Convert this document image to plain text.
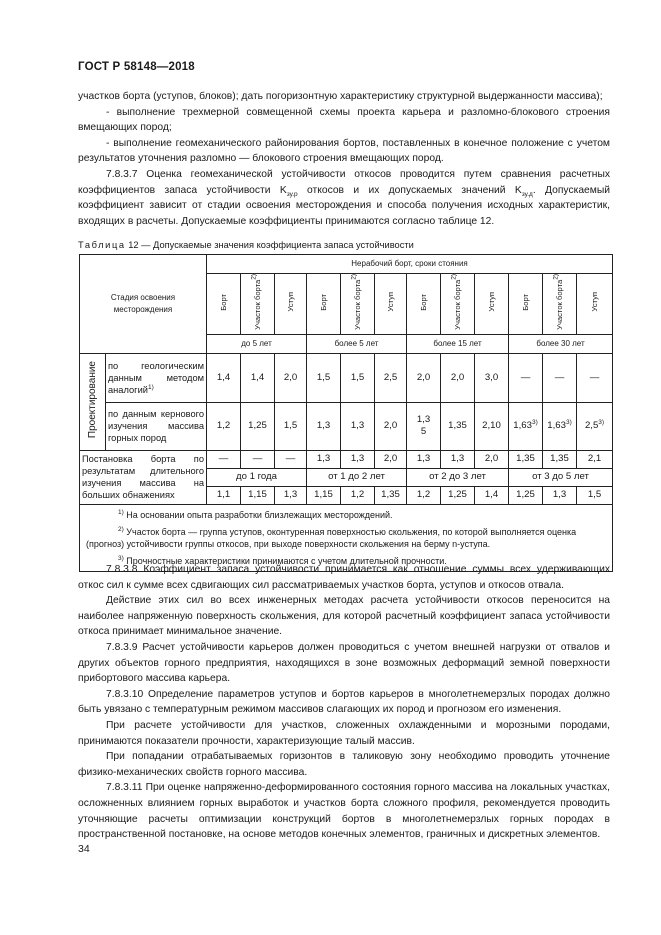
ГОСТ Р 58148—2018

участков борта (уступов, блоков); дать погоризонтную характеристику структурной выдержанности массива);

- выполнение трехмерной совмещенной схемы проекта карьера и разломно-блокового строения вмещающих пород;

- выполнение геомеханического районирования бортов, поставленных в конечное положение с учетом результатов уточнения разломно — блокового строения вмещающих пород.

7.8.3.7 Оценка геомеханической устойчивости откосов проводится путем сравнения расчетных коэффициентов запаса устойчивости $K_{зу.р}$ откосов и их допускаемых значений $K_{зу.д}$. Допускаемый коэффициент зависит от стадии освоения месторождения и способа получения исходных характеристик, входящих в расчеты. Допускаемые коэффициенты принимаются согласно таблице 12.

Таблица 12 — Допускаемые значения коэффициента запаса устойчивости
Стадия освоения месторождения		Нерабочий борт, сроки стояния											
		Борт	Участок борта$^{2)}$	Уступ	Борт	Участок борта$^{2)}$	Уступ	Борт	Участок борта$^{2)}$	Уступ	Борт	Участок борта$^{2)}$	Уступ
		до 5 лет			более 5 лет			более 15 лет			более 30 лет		
Проектирование	по геологическим данным методом аналогий$^{1)}$	1,4	1,4	2,0	1,5	1,5	2,5	2,0	2,0	3,0	—	—	—
	по данным кернового изучения массива горных пород	1,2	1,25	1,5	1,3	1,3	2,0	1,3 5	1,35	2,10	1,63$^{3)}$	1,63$^{3)}$	2,5$^{3)}$
Постановка борта по результатам длительного изучения массива на больших обнажениях		—	—	—	1,3	1,3	2,0	1,3	1,3	2,0	1,35	1,35	2,1
		до 1 года			от 1 до 2 лет			от 2 до 3 лет			от 3 до 5 лет		
		1,1	1,15	1,3	1,15	1,2	1,35	1,2	1,25	1,4	1,25	1,3	1,5

$^{1)}$ На основании опыта разработки близлежащих месторождений.

$^{2)}$ Участок борта — группа уступов, оконтуренная поверхностью скольжения, по которой выполняется оценка (прогноз) устойчивости группы откосов, при выходе поверхности скольжения на берму n-уступа.

$^{3)}$ Прочностные характеристики принимаются с учетом длительной прочности.													

7.8.3.8 Коэффициент запаса устойчивости принимается как отношение суммы всех удерживающих откос сил к сумме всех сдвигающих сил рассматриваемых участков борта, уступов и откосов отвала.

Действие этих сил во всех инженерных методах расчета устойчивости откосов переносится на наиболее напряженную поверхность скольжения, для которой расчетный коэффициент запаса устойчивости откоса принимает минимальное значение.

7.8.3.9 Расчет устойчивости карьеров должен проводиться с учетом внешней нагрузки от отвалов и других объектов горного предприятия, находящихся в зоне возможных деформаций земной поверхности прибортового массива карьера.

7.8.3.10 Определение параметров уступов и бортов карьеров в многолетнемерзлых породах должно быть увязано с температурным режимом массивов слагающих их пород и прогнозом его изменения.

При расчете устойчивости для участков, сложенных охлажденными и морозными породами, принимаются показатели прочности, характеризующие талый массив.

При попадании отрабатываемых горизонтов в таликовую зону необходимо проводить уточнение физико-механических свойств горного массива.

7.8.3.11 При оценке напряженно-деформированного состояния горного массива на локальных участках, осложненных влиянием горных выработок и участков борта сложного профиля, рекомендуется проводить уточняющие расчеты оптимизации конструкций бортов в многолетнемерзлых горных породах в пространственной постановке, на основе методов конечных элементов, граничных и дискретных элементов.

34
